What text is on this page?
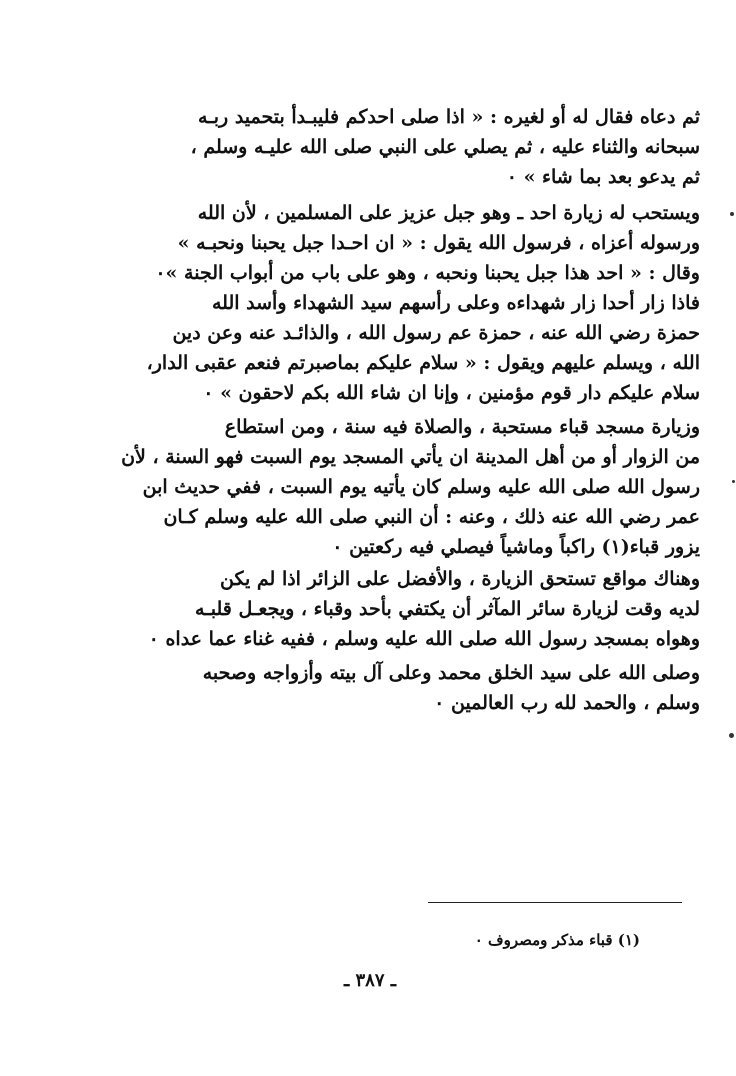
ثم دعاه فقال له أو لغيره : « اذا صلى احدكم فليبـدأ بتحميد ربـه
سبحانه والثناء عليه ، ثم يصلي على النبي صلى الله عليـه وسلم ،
ثم يدعو بعد بما شاء » ٠

ويستحب له زيارة احد ـ وهو جبل عزيز على المسلمين ، لأن الله
ورسوله أعزاه ، فرسول الله يقول : « ان احـدا جبل يحبنا ونحبـه »
وقال : « احد هذا جبل يحبنا ونحبه ، وهو على باب من أبواب الجنة »٠

فاذا زار أحدا زار شهداءه وعلى رأسهم سيد الشهداء وأسد الله
حمزة رضي الله عنه ، حمزة عم رسول الله ، والذائـد عنه وعن دين
الله ، ويسلم عليهم ويقول : « سلام عليكم بماصبرتم فنعم عقبى الدار،
سلام عليكم دار قوم مؤمنين ، وإنا ان شاء الله بكم لاحقون » ٠

وزيارة مسجد قباء مستحبة ، والصلاة فيه سنة ، ومن استطاع
من الزوار أو من أهل المدينة ان يأتي المسجد يوم السبت فهو السنة ، لأن
رسول الله صلى الله عليه وسلم كان يأتيه يوم السبت ، ففي حديث ابن
عمر رضي الله عنه ذلك ، وعنه : أن النبي صلى الله عليه وسلم كـان
يزور قباء(١) راكباً وماشياً فيصلي فيه ركعتين ٠

وهناك مواقع تستحق الزيارة ، والأفضل على الزائر اذا لم يكن
لديه وقت لزيارة سائر المآثر أن يكتفي بأحد وقباء ، ويجعـل قلبـه
وهواه بمسجد رسول الله صلى الله عليه وسلم ، ففيه غناء عما عداه ٠

وصلى الله على سيد الخلق محمد وعلى آل بيته وأزواجه وصحبه
وسلم ، والحمد لله رب العالمين ٠

(١) قباء مذكر ومصروف ٠
ـ ٣٨٧ ـ
